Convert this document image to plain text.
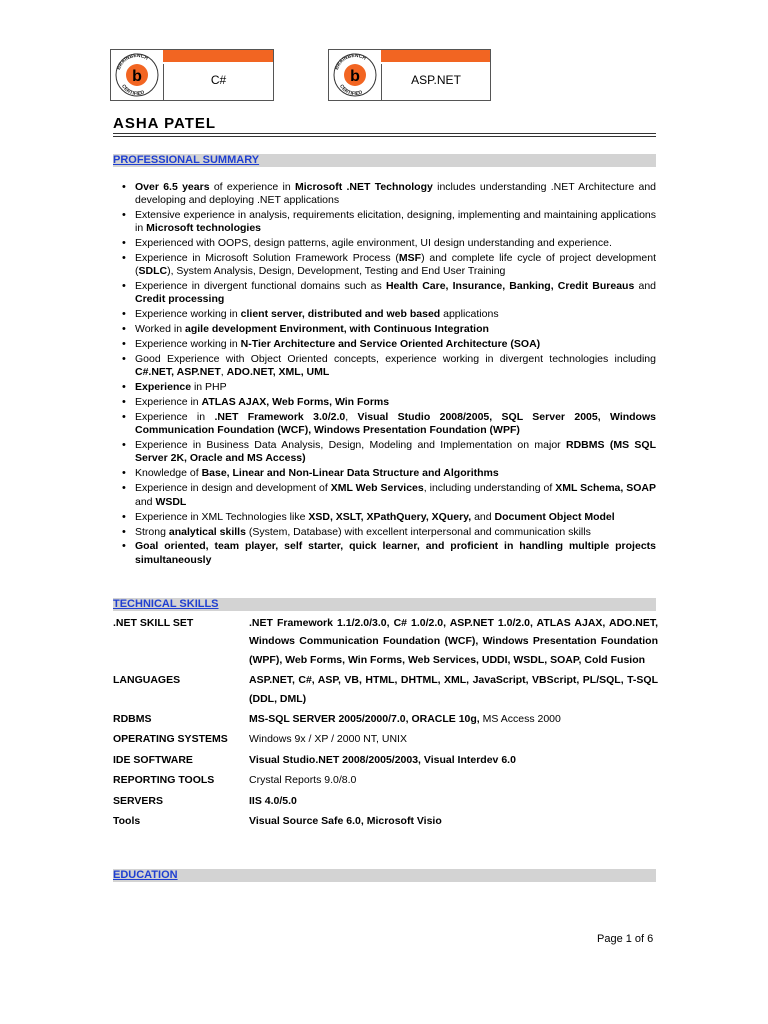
b
BRAINBENCH
CERTIFIED
C#	b
BRAINBENCH
CERTIFIED
ASP.NET
ASHA PATEL
PROFESSIONAL SUMMARY
• Over 6.5 years of experience in Microsoft .NET Technology includes understanding .NET Architecture and developing and deploying .NET applications
• Extensive experience in analysis, requirements elicitation, designing, implementing and maintaining applications in Microsoft technologies
• Experienced with OOPS, design patterns, agile environment, UI design understanding and experience.
• Experience in Microsoft Solution Framework Process (MSF) and complete life cycle of project development (SDLC), System Analysis, Design, Development, Testing and End User Training
• Experience in divergent functional domains such as Health Care, Insurance, Banking, Credit Bureaus and Credit processing
• Experience working in client server, distributed and web based applications
• Worked in agile development Environment, with Continuous Integration
• Experience working in N-Tier Architecture and Service Oriented Architecture (SOA)
• Good Experience with Object Oriented concepts, experience working in divergent technologies including C#.NET, ASP.NET, ADO.NET, XML, UML
• Experience in PHP
• Experience in ATLAS AJAX, Web Forms, Win Forms
• Experience in .NET Framework 3.0/2.0, Visual Studio 2008/2005, SQL Server 2005, Windows Communication Foundation (WCF), Windows Presentation Foundation (WPF)
• Experience in Business Data Analysis, Design, Modeling and Implementation on major RDBMS (MS SQL Server 2K, Oracle and MS Access)
• Knowledge of Base, Linear and Non-Linear Data Structure and Algorithms
• Experience in design and development of XML Web Services, including understanding of XML Schema, SOAP and WSDL
• Experience in XML Technologies like XSD, XSLT, XPathQuery, XQuery, and Document Object Model
• Strong analytical skills (System, Database) with excellent interpersonal and communication skills
• Goal oriented, team player, self starter, quick learner, and proficient in handling multiple projects simultaneously
TECHNICAL SKILLS
.NET SKILL SET	.NET Framework 1.1/2.0/3.0, C# 1.0/2.0, ASP.NET 1.0/2.0, ATLAS AJAX, ADO.NET, Windows Communication Foundation (WCF), Windows Presentation Foundation (WPF), Web Forms, Win Forms, Web Services, UDDI, WSDL, SOAP, Cold Fusion
LANGUAGES	ASP.NET, C#, ASP, VB, HTML, DHTML, XML, JavaScript, VBScript, PL/SQL, T-SQL (DDL, DML)
RDBMS	MS-SQL SERVER 2005/2000/7.0, ORACLE 10g, MS Access 2000
OPERATING SYSTEMS	Windows 9x / XP / 2000 NT, UNIX
IDE SOFTWARE	Visual Studio.NET 2008/2005/2003, Visual Interdev 6.0
REPORTING TOOLS	Crystal Reports 9.0/8.0
SERVERS	IIS 4.0/5.0
Tools	Visual Source Safe 6.0, Microsoft Visio
EDUCATION
Page 1 of 6
